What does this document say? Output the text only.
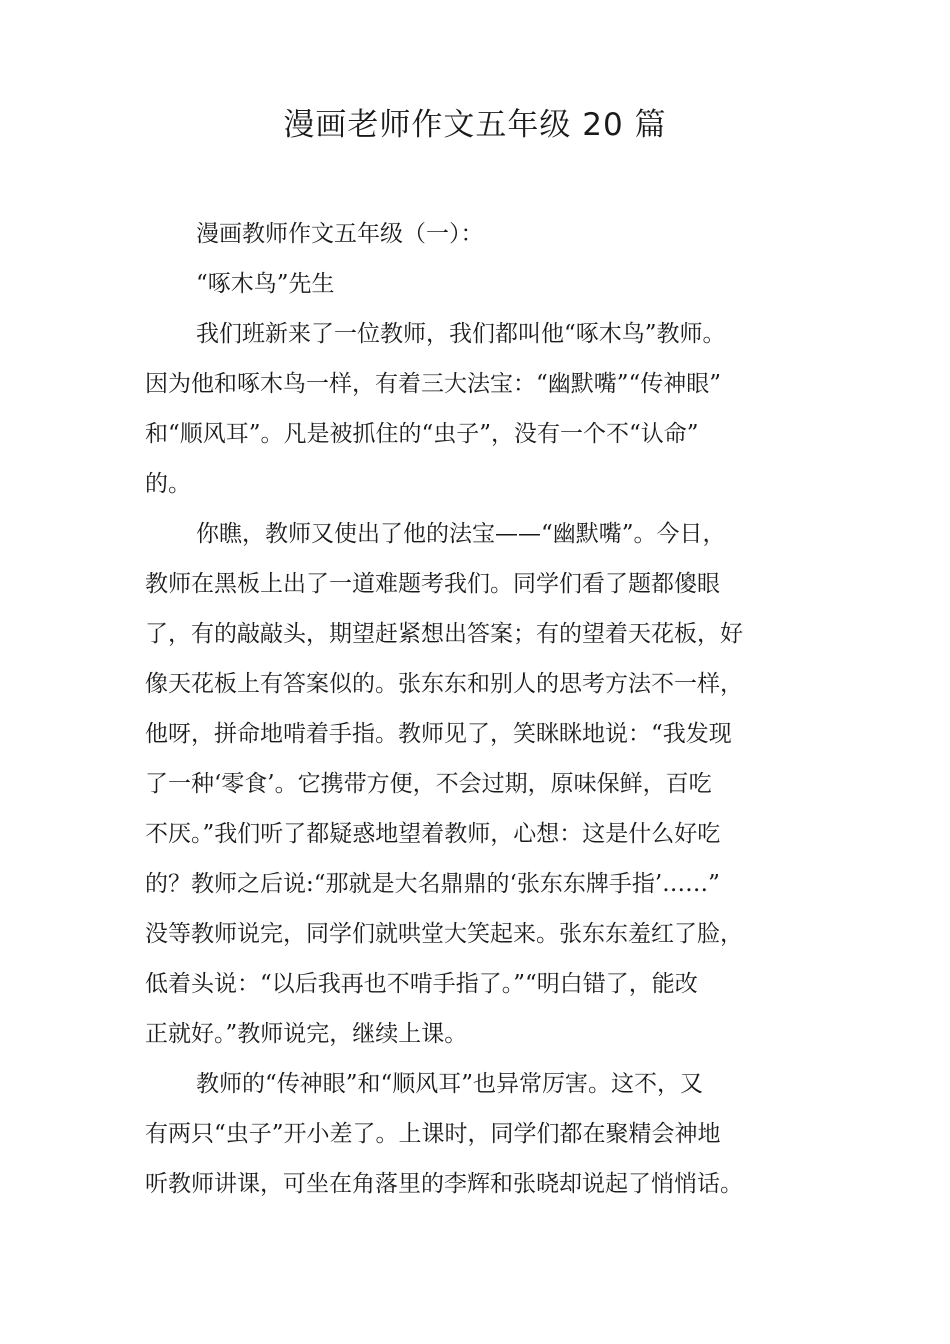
漫画老师作文五年级 20 篇
漫画教师作文五年级（一）：
“啄木鸟”先生
我们班新来了一位教师，我们都叫他“啄木鸟”教师。
因为他和啄木鸟一样，有着三大法宝：“幽默嘴”“传神眼”
和“顺风耳”。凡是被抓住的“虫子”，没有一个不“认命”
的。
你瞧，教师又使出了他的法宝——“幽默嘴”。今日，
教师在黑板上出了一道难题考我们。同学们看了题都傻眼
了，有的敲敲头，期望赶紧想出答案；有的望着天花板，好
像天花板上有答案似的。张东东和别人的思考方法不一样，
他呀，拼命地啃着手指。教师见了，笑眯眯地说：“我发现
了一种‘零食’。它携带方便，不会过期，原味保鲜，百吃
不厌。”我们听了都疑惑地望着教师，心想：这是什么好吃
的？教师之后说:“那就是大名鼎鼎的‘张东东牌手指’……”
没等教师说完，同学们就哄堂大笑起来。张东东羞红了脸，
低着头说：“以后我再也不啃手指了。”“明白错了，能改
正就好。”教师说完，继续上课。
教师的“传神眼”和“顺风耳”也异常厉害。这不，又
有两只“虫子”开小差了。上课时，同学们都在聚精会神地
听教师讲课，可坐在角落里的李辉和张晓却说起了悄悄话。
